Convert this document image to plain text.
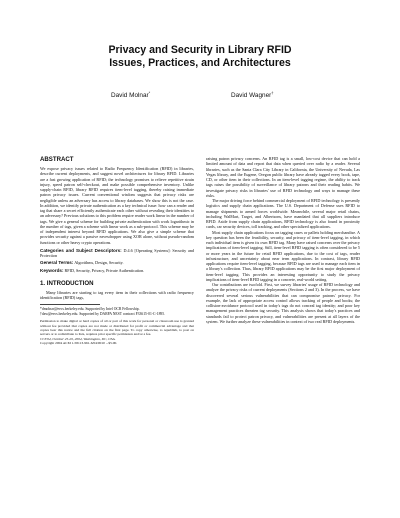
Privacy and Security in Library RFID
Issues, Practices, and Architectures
David Molnar*	David Wagner†
ABSTRACT

We expose privacy issues related to Radio Frequency Identification (RFID) in libraries, describe current deployments, and suggest novel architectures for library RFID. Libraries are a fast growing application of RFID; the technology promises to relieve repetitive strain injury, speed patron self-checkout, and make possible comprehensive inventory. Unlike supply-chain RFID, library RFID requires item-level tagging, thereby raising immediate patron privacy issues. Current conventional wisdom suggests that privacy risks are negligible unless an adversary has access to library databases. We show this is not the case. In addition, we identify private authentication as a key technical issue: how can a reader and tag that share a secret efficiently authenticate each other without revealing their identities to an adversary? Previous solutions to this problem require reader work linear in the number of tags. We give a general scheme for building private authentication with work logarithmic in the number of tags, given a scheme with linear work as a sub-protocol. This scheme may be of independent interest beyond RFID applications. We also give a simple scheme that provides security against a passive eavesdropper using XOR alone, without pseudo-random functions or other heavy crypto operations.

Categories and Subject Descriptors: D.4.6 [Operating Systems]: Security and Protection
General Terms: Algorithms, Design, Security.
Keywords: RFID, Security, Privacy, Private Authentication.
1. INTRODUCTION

Many libraries are starting to tag every item in their collections with radio frequency identification (RFID) tags,

*dmolnar@eecs.berkeley.edu. Supported by Intel OCR Fellowship.

†daw@eecs.berkeley.edu. Supported by DARPA NEST contract F33615-01-C-1895.

Permission to make digital or hard copies of all or part of this work for personal or classroom use is granted without fee provided that copies are not made or distributed for profit or commercial advantage and that copies bear this notice and the full citation on the first page. To copy otherwise, to republish, to post on servers or to redistribute to lists, requires prior specific permission and/or a fee.

CCS'04, October 25-29, 2004, Washington, DC, USA.

Copyright 2004 ACM 1-58113-961-6/04/0010 ...$5.00.

raising patron privacy concerns. An RFID tag is a small, low-cost device that can hold a limited amount of data and report that data when queried over radio by a reader. Several libraries, such as the Santa Clara City Library in California, the University of Nevada, Las Vegas library, and the Eugene, Oregon public library have already tagged every book, tape, CD, or other item in their collections. In an item-level tagging regime, the ability to track tags raises the possibility of surveillance of library patrons and their reading habits. We investigate privacy risks in libraries' use of RFID technology and ways to manage these risks.

The major driving force behind commercial deployment of RFID technology is presently logistics and supply chain applications. The U.S. Department of Defense uses RFID to manage shipments to armed forces worldwide. Meanwhile, several major retail chains, including WalMart, Target, and Albertsons, have mandated that all suppliers introduce RFID. Aside from supply chain applications, RFID technology is also found in proximity cards, car security devices, toll tracking, and other specialized applications.

Most supply chain applications focus on tagging cases or pallets holding merchandise. A key question has been the feasibility, security, and privacy of item-level tagging, in which each individual item is given its own RFID tag. Many have raised concerns over the privacy implications of item-level tagging. Still, item-level RFID tagging is often considered to be 5 or more years in the future for retail RFID applications, due to the cost of tags, reader infrastructure, and uncertainty about near term applications. In contrast, library RFID applications require item-level tagging, because RFID tags are used to manage each item in a library's collection. Thus, library RFID applications may be the first major deployment of item-level tagging. This provides an interesting opportunity to study the privacy implications of item-level RFID tagging in a concrete, real-world setting.

Our contributions are twofold. First, we survey libraries' usage of RFID technology and analyze the privacy risks of current deployments (Sections 2 and 3). In the process, we have discovered several serious vulnerabilities that can compromise patrons' privacy. For example, the lack of appropriate access control allows tracking of people and books; the collision-avoidance protocol used in today's tags do not conceal tag identity; and poor key management practices threaten tag security. This analysis shows that today's practices and standards fail to protect patron privacy, and vulnerabilities are present at all layers of the system. We further analyze these vulnerabilities in context of two real RFID deployments.
